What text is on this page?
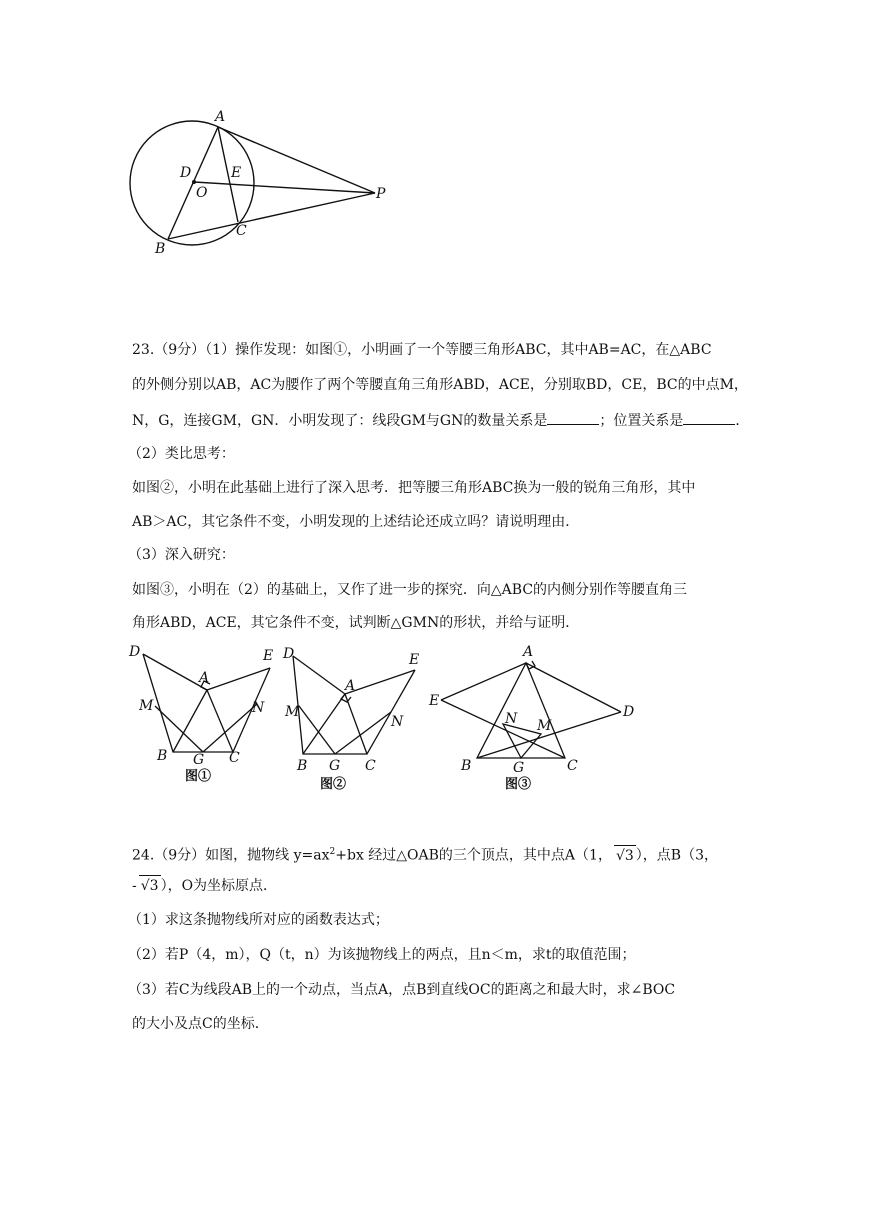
A
D
O
E
P
B
C
23.（9分）（1）操作发现：如图①，小明画了一个等腰三角形ABC，其中AB=AC，在△ABC
的外侧分别以AB，AC为腰作了两个等腰直角三角形ABD，ACE，分别取BD，CE，BC的中点M，
N，G，连接GM，GN．小明发现了：线段GM与GN的数量关系是	；位置关系是	．
（2）类比思考：
如图②，小明在此基础上进行了深入思考．把等腰三角形ABC换为一般的锐角三角形，其中
AB＞AC，其它条件不变，小明发现的上述结论还成立吗？请说明理由．
（3）深入研究：
如图③，小明在（2）的基础上，又作了进一步的探究．向△ABC的内侧分别作等腰直角三
角形ABD，ACE，其它条件不变，试判断△GMN的形状，并给与证明．
D
A
E
M	N
B G C
图①
D
A
E
M
N
B G C
图②
A
E
D
N M
B	G	C
图③
24.（9分）如图，抛物线 $y=ax^2+bx$ 经过△OAB的三个顶点，其中点A（1， √3 ），点B（3，
- √3 ），O为坐标原点．
（1）求这条抛物线所对应的函数表达式；
（2）若P（4，m），Q（t，n）为该抛物线上的两点，且n＜m，求t的取值范围；
（3）若C为线段AB上的一个动点，当点A，点B到直线OC的距离之和最大时，求∠BOC
的大小及点C的坐标．
